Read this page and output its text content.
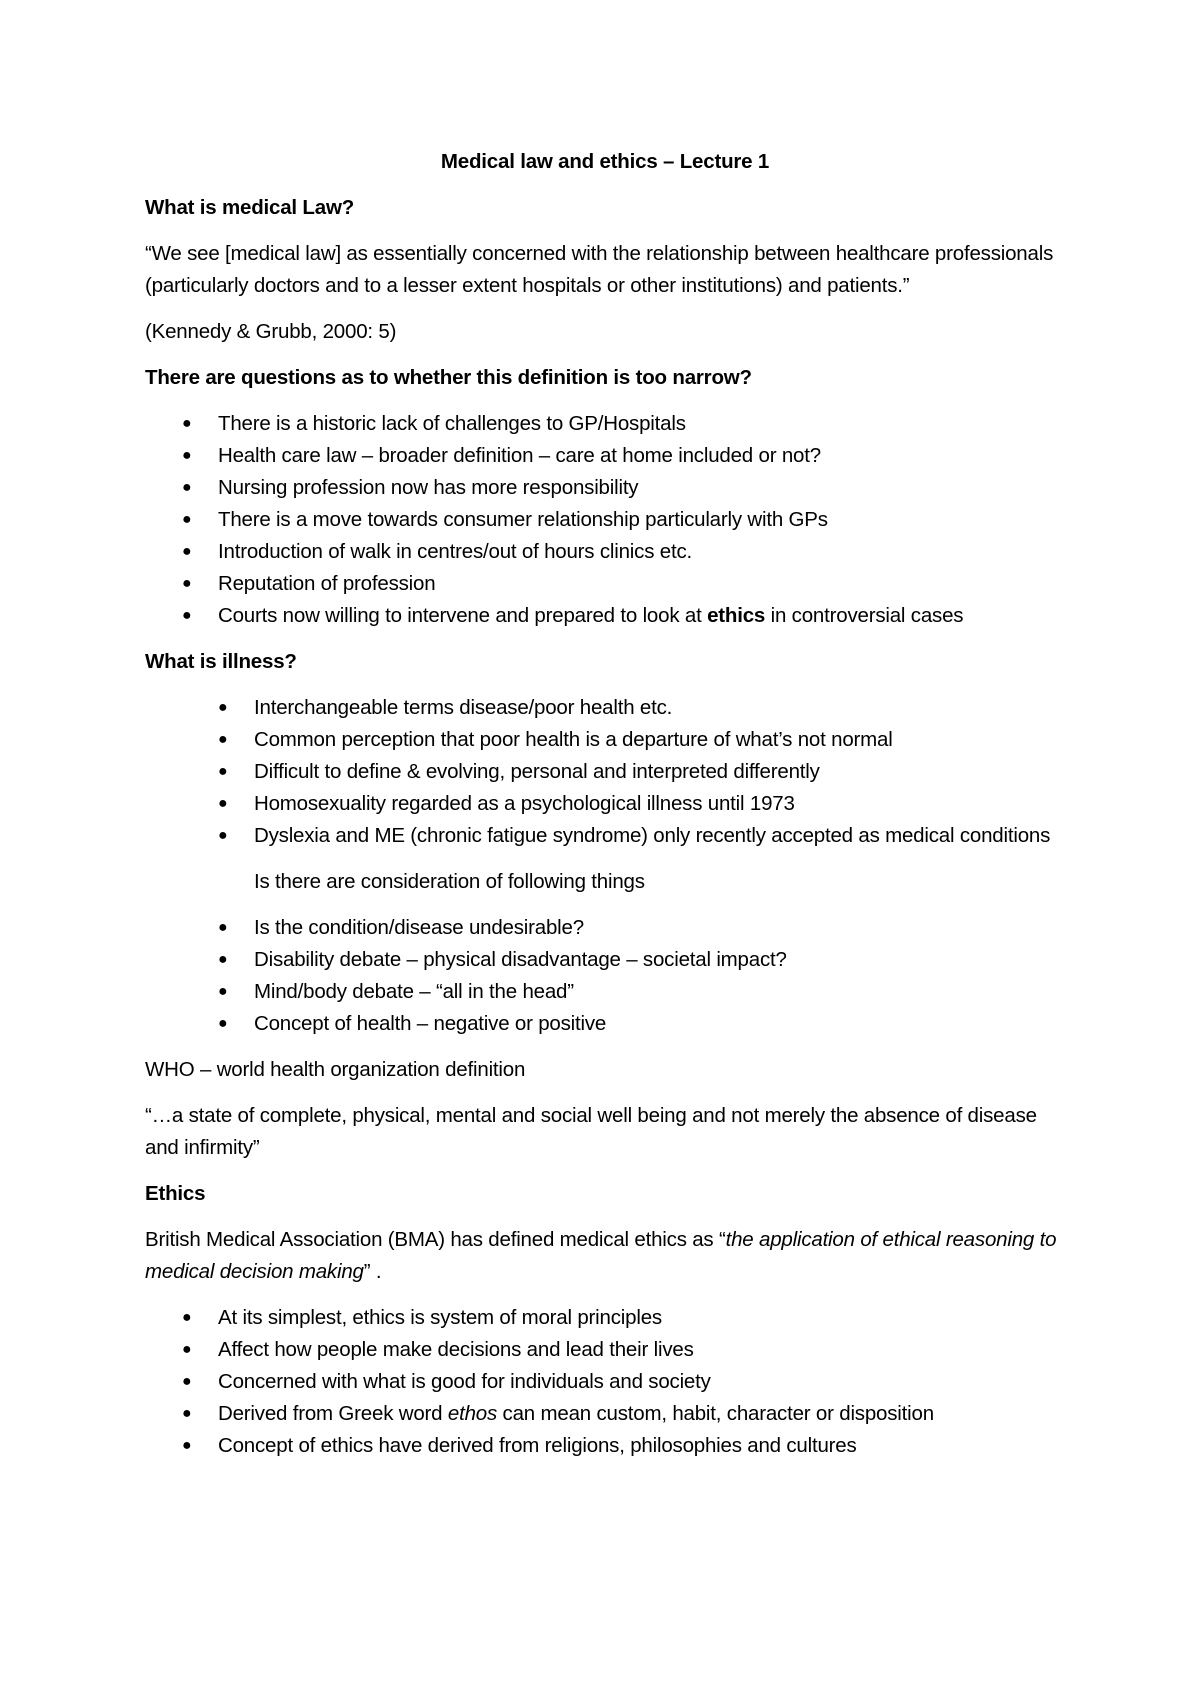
Medical law and ethics – Lecture 1
What is medical Law?
“We see [medical law] as essentially concerned with the relationship between healthcare professionals (particularly doctors and to a lesser extent hospitals or other institutions) and patients.”
(Kennedy & Grubb, 2000: 5)
There are questions as to whether this definition is too narrow?
● There is a historic lack of challenges to GP/Hospitals
● Health care law – broader definition – care at home included or not?
● Nursing profession now has more responsibility
● There is a move towards consumer relationship particularly with GPs
● Introduction of walk in centres/out of hours clinics etc.
● Reputation of profession
● Courts now willing to intervene and prepared to look at ethics in controversial cases
What is illness?
● Interchangeable terms disease/poor health etc.
● Common perception that poor health is a departure of what’s not normal
● Difficult to define & evolving, personal and interpreted differently
● Homosexuality regarded as a psychological illness until 1973
● Dyslexia and ME (chronic fatigue syndrome) only recently accepted as medical conditions
Is there are consideration of following things
● Is the condition/disease undesirable?
● Disability debate – physical disadvantage – societal impact?
● Mind/body debate – “all in the head”
● Concept of health – negative or positive
WHO – world health organization definition
“…a state of complete, physical, mental and social well being and not merely the absence of disease and infirmity”
Ethics
British Medical Association (BMA) has defined medical ethics as “the application of ethical reasoning to medical decision making” .
● At its simplest, ethics is system of moral principles
● Affect how people make decisions and lead their lives
● Concerned with what is good for individuals and society
● Derived from Greek word ethos can mean custom, habit, character or disposition
● Concept of ethics have derived from religions, philosophies and cultures
